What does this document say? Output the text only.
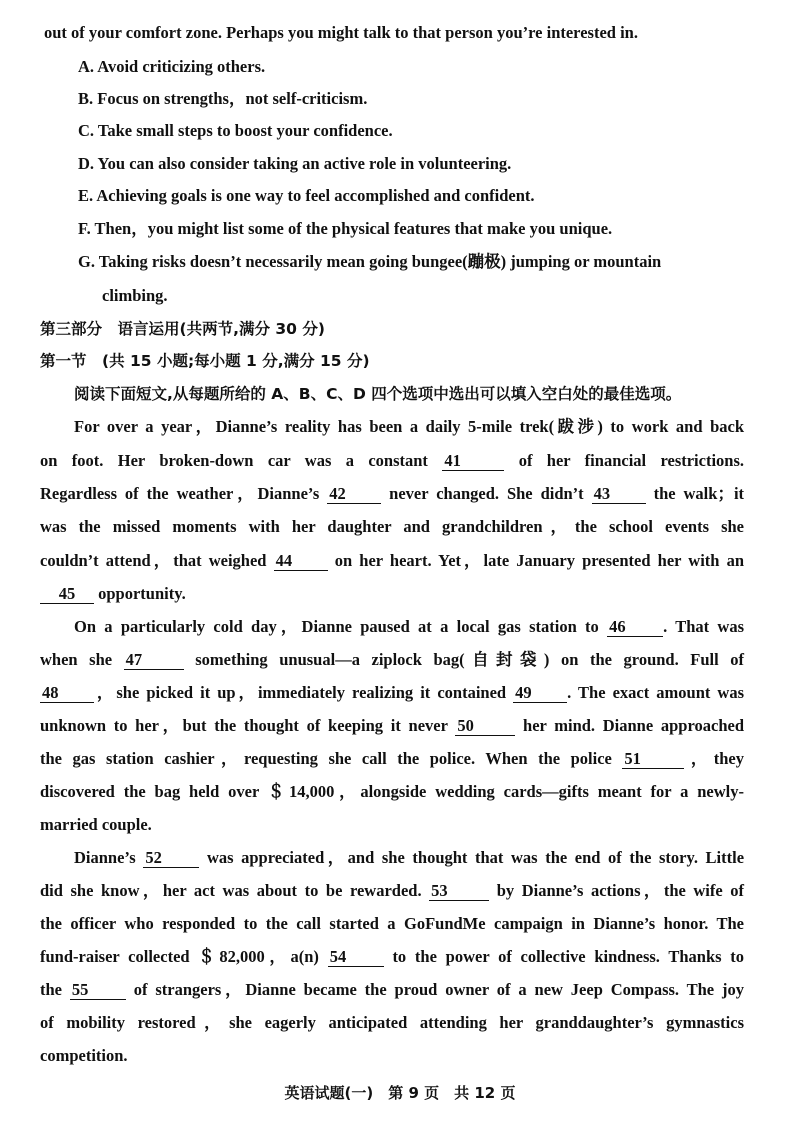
out of your comfort zone. Perhaps you might talk to that person you’re interested in.
A. Avoid criticizing others.
B. Focus on strengths，not self-criticism.
C. Take small steps to boost your confidence.
D. You can also consider taking an active role in volunteering.
E. Achieving goals is one way to feel accomplished and confident.
F. Then，you might list some of the physical features that make you unique.
G. Taking risks doesn’t necessarily mean going bungee(蹦极) jumping or mountain
climbing.
第三部分　语言运用(共两节,满分 30 分)
第一节　(共 15 小题;每小题 1 分,满分 15 分)
阅读下面短文,从每题所给的 A、B、C、D 四个选项中选出可以填入空白处的最佳选项。
For over a year，Dianne’s reality has been a daily 5-mile trek(跋涉) to work and back
on foot. Her broken-down car was a constant 41	of her financial restrictions.
Regardless of the weather，Dianne’s 42	never changed. She didn’t 43	the walk；it
was the missed moments with her daughter and grandchildren，the school events she
couldn’t attend，that weighed 44	on her heart. Yet，late January presented her with an
45 opportunity.
On a particularly cold day，Dianne paused at a local gas station to 46 . That was
when she 47	something unusual—a ziplock bag(自封袋) on the ground. Full of
48 ，she picked it up，immediately realizing it contained 49 . The exact amount was
unknown to her，but the thought of keeping it never 50	her mind. Dianne approached
the gas station cashier，requesting she call the police. When the police 51	，they
discovered the bag held over ＄14,000，alongside wedding cards—gifts meant for a newly-
married couple.
Dianne’s 52	was appreciated，and she thought that was the end of the story. Little
did she know，her act was about to be rewarded. 53	by Dianne’s actions，the wife of
the officer who responded to the call started a GoFundMe campaign in Dianne’s honor. The
fund-raiser collected ＄82,000，a(n) 54	to the power of collective kindness. Thanks to
the 55	of strangers，Dianne became the proud owner of a new Jeep Compass. The joy
of mobility restored，she eagerly anticipated attending her granddaughter’s gymnastics
competition.
英语试题(一)　第 9 页　共 12 页
